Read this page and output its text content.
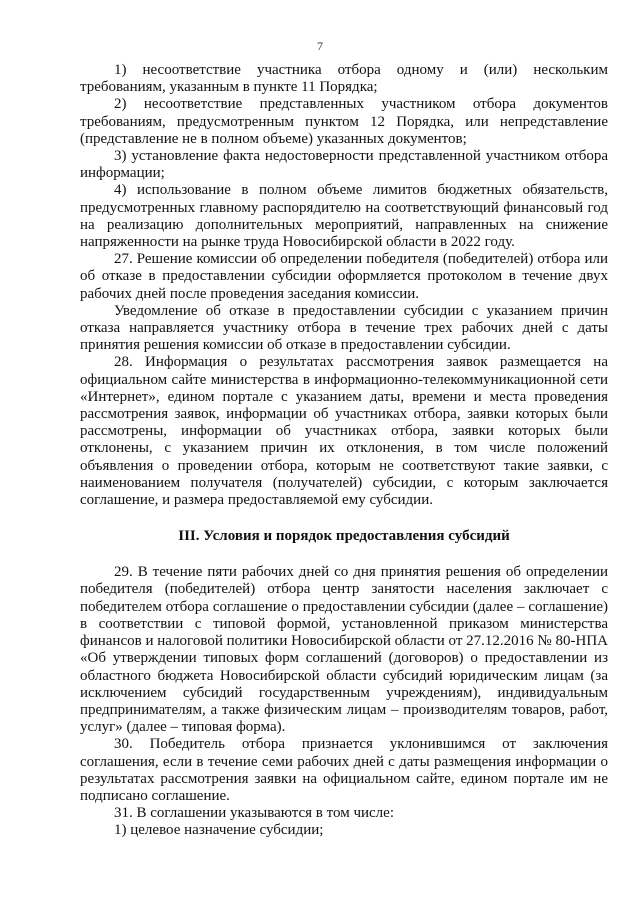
7

1) несоответствие участника отбора одному и (или) нескольким требованиям, указанным в пункте 11 Порядка;

2) несоответствие представленных участником отбора документов требованиям, предусмотренным пунктом 12 Порядка, или непредставление (представление не в полном объеме) указанных документов;

3) установление факта недостоверности представленной участником отбора информации;

4) использование в полном объеме лимитов бюджетных обязательств, предусмотренных главному распорядителю на соответствующий финансовый год на реализацию дополнительных мероприятий, направленных на снижение напряженности на рынке труда Новосибирской области в 2022 году.

27. Решение комиссии об определении победителя (победителей) отбора или об отказе в предоставлении субсидии оформляется протоколом в течение двух рабочих дней после проведения заседания комиссии.

Уведомление об отказе в предоставлении субсидии с указанием причин отказа направляется участнику отбора в течение трех рабочих дней с даты принятия решения комиссии об отказе в предоставлении субсидии.

28. Информация о результатах рассмотрения заявок размещается на официальном сайте министерства в информационно-телекоммуникационной сети «Интернет», едином портале с указанием даты, времени и места проведения рассмотрения заявок, информации об участниках отбора, заявки которых были рассмотрены, информации об участниках отбора, заявки которых были отклонены, с указанием причин их отклонения, в том числе положений объявления о проведении отбора, которым не соответствуют такие заявки, с наименованием получателя (получателей) субсидии, с которым заключается соглашение, и размера предоставляемой ему субсидии.

III. Условия и порядок предоставления субсидий

29. В течение пяти рабочих дней со дня принятия решения об определении победителя (победителей) отбора центр занятости населения заключает с победителем отбора соглашение о предоставлении субсидии (далее – соглашение) в соответствии с типовой формой, установленной приказом министерства финансов и налоговой политики Новосибирской области от 27.12.2016 № 80-НПА «Об утверждении типовых форм соглашений (договоров) о предоставлении из областного бюджета Новосибирской области субсидий юридическим лицам (за исключением субсидий государственным учреждениям), индивидуальным предпринимателям, а также физическим лицам – производителям товаров, работ, услуг» (далее – типовая форма).

30. Победитель отбора признается уклонившимся от заключения соглашения, если в течение семи рабочих дней с даты размещения информации о результатах рассмотрения заявки на официальном сайте, едином портале им не подписано соглашение.

31. В соглашении указываются в том числе:

1) целевое назначение субсидии;
